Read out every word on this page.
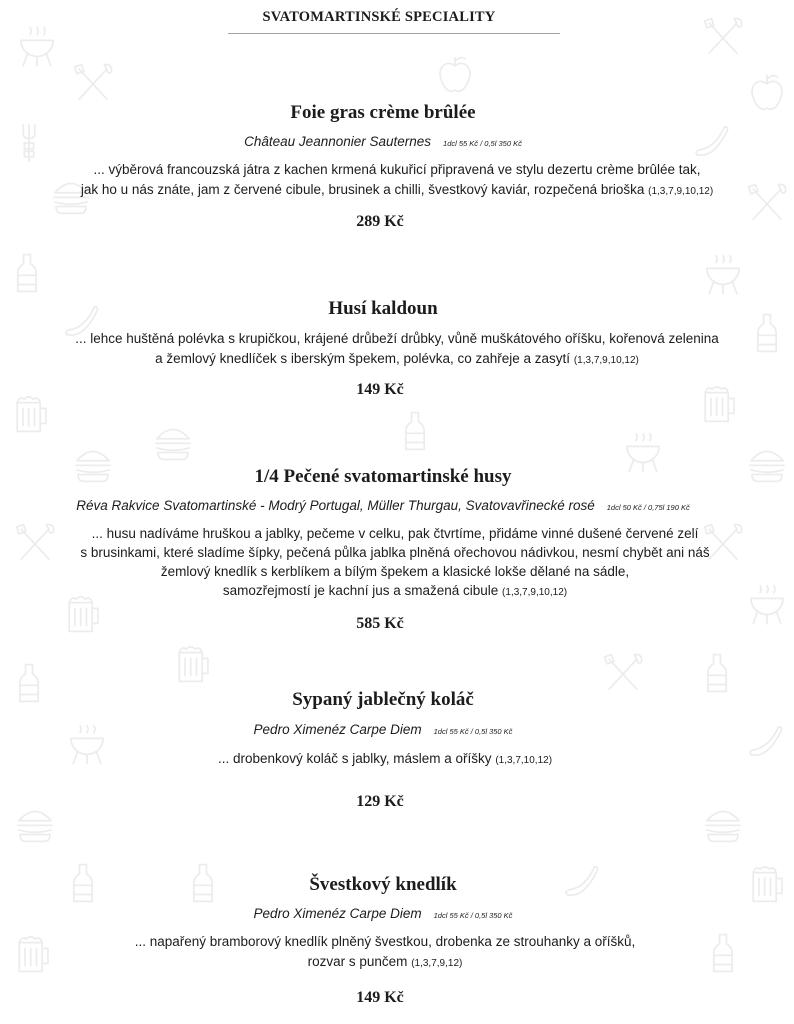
SVATOMARTINSKÉ SPECIALITY
Foie gras crème brûlée
Château Jeannonier Sauternes 1dcl 55 Kč / 0,5l 350 Kč
... výběrová francouzská játra z kachen krmená kukuřicí připravená ve stylu dezertu crème brûlée tak,
jak ho u nás znáte, jam z červené cibule, brusinek a chilli, švestkový kaviár, rozpečená brioška (1,3,7,9,10,12)
289 Kč
Husí kaldoun
... lehce huštěná polévka s krupičkou, krájené drůbeží drůbky, vůně muškátového oříšku, kořenová zelenina
a žemlový knedlíček s iberským špekem, polévka, co zahřeje a zasytí (1,3,7,9,10,12)
149 Kč
1/4 Pečené svatomartinské husy
Réva Rakvice Svatomartinské - Modrý Portugal, Müller Thurgau, Svatovavřinecké rosé 1dcl 50 Kč / 0,75l 190 Kč
... husu nadíváme hruškou a jablky, pečeme v celku, pak čtvrtíme, přidáme vinné dušené červené zelí
s brusinkami, které sladíme šípky, pečená půlka jablka plněná ořechovou nádivkou, nesmí chybět ani náš
žemlový knedlík s kerblíkem a bílým špekem a klasické lokše dělané na sádle,
samozřejmostí je kachní jus a smažená cibule (1,3,7,9,10,12)
585 Kč
Sypaný jablečný koláč
Pedro Ximenéz Carpe Diem 1dcl 55 Kč / 0,5l 350 Kč
... drobenkový koláč s jablky, máslem a oříšky (1,3,7,10,12)
129 Kč
Švestkový knedlík
Pedro Ximenéz Carpe Diem 1dcl 55 Kč / 0,5l 350 Kč
... napařený bramborový knedlík plněný švestkou, drobenka ze strouhanky a oříšků,
rozvar s punčem (1,3,7,9,12)
149 Kč
